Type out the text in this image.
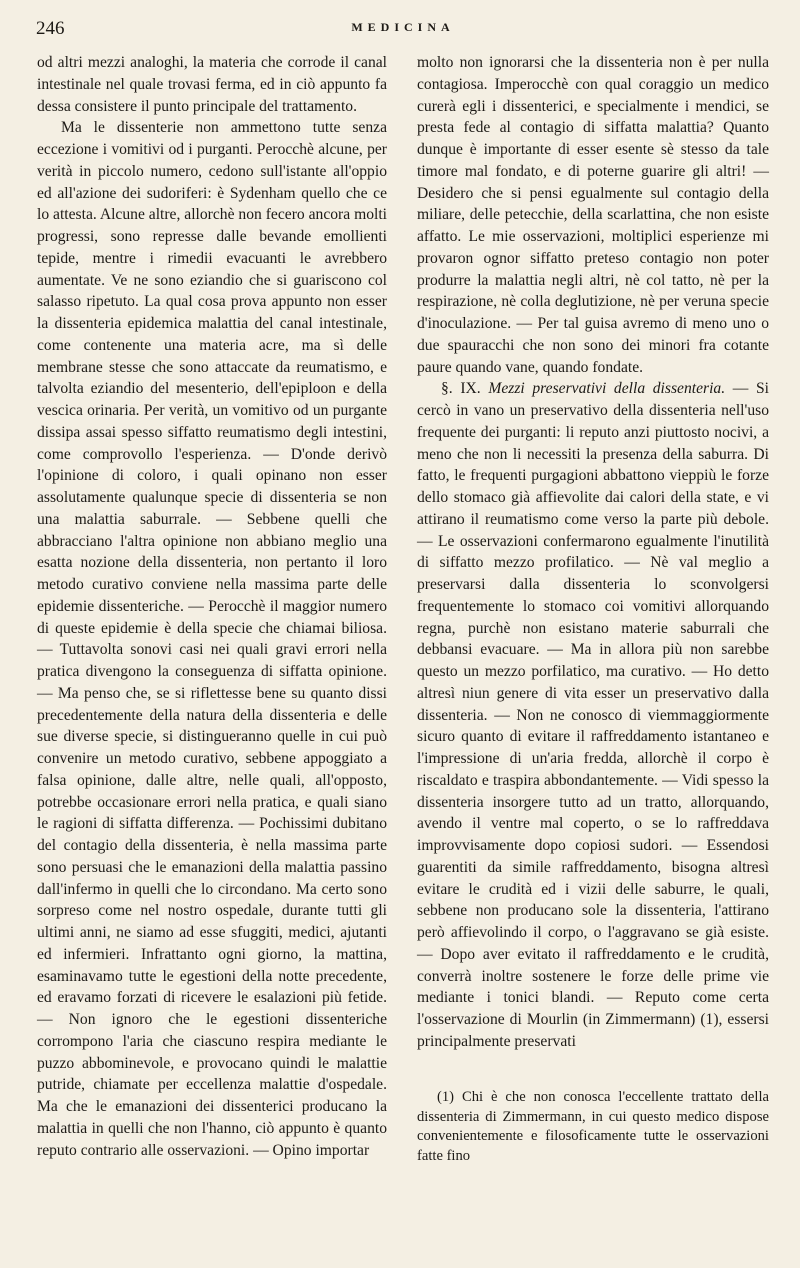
246	MEDICINA

od altri mezzi analoghi, la materia che corrode il canal intestinale nel quale trovasi ferma, ed in ciò appunto fa dessa consistere il punto principale del trattamento.

Ma le dissenterie non ammettono tutte senza eccezione i vomitivi od i purganti. Perocchè alcune, per verità in piccolo numero, cedono sull'istante all'oppio ed all'azione dei sudoriferi: è Sydenham quello che ce lo attesta. Alcune altre, allorchè non fecero ancora molti progressi, sono represse dalle bevande emollienti tepide, mentre i rimedii evacuanti le avrebbero aumentate. Ve ne sono eziandio che si guariscono col salasso ripetuto. La qual cosa prova appunto non esser la dissenteria epidemica malattia del canal intestinale, come contenente una materia acre, ma sì delle membrane stesse che sono attaccate da reumatismo, e talvolta eziandio del mesenterio, dell'epiploon e della vescica orinaria. Per verità, un vomitivo od un purgante dissipa assai spesso siffatto reumatismo degli intestini, come comprovollo l'esperienza. — D'onde derivò l'opinione di coloro, i quali opinano non esser assolutamente qualunque specie di dissenteria se non una malattia saburrale. — Sebbene quelli che abbracciano l'altra opinione non abbiano meglio una esatta nozione della dissenteria, non pertanto il loro metodo curativo conviene nella massima parte delle epidemie dissenteriche. — Perocchè il maggior numero di queste epidemie è della specie che chiamai biliosa. — Tuttavolta sonovi casi nei quali gravi errori nella pratica divengono la conseguenza di siffatta opinione. — Ma penso che, se si riflettesse bene su quanto dissi precedentemente della natura della dissenteria e delle sue diverse specie, si distingueranno quelle in cui può convenire un metodo curativo, sebbene appoggiato a falsa opinione, dalle altre, nelle quali, all'opposto, potrebbe occasionare errori nella pratica, e quali siano le ragioni di siffatta differenza. — Pochissimi dubitano del contagio della dissenteria, è nella massima parte sono persuasi che le emanazioni della malattia passino dall'infermo in quelli che lo circondano. Ma certo sono sorpreso come nel nostro ospedale, durante tutti gli ultimi anni, ne siamo ad esse sfuggiti, medici, ajutanti ed infermieri. Infrattanto ogni giorno, la mattina, esaminavamo tutte le egestioni della notte precedente, ed eravamo forzati di ricevere le esalazioni più fetide. — Non ignoro che le egestioni dissenteriche corrompono l'aria che ciascuno respira mediante le puzzo abbominevole, e provocano quindi le malattie putride, chiamate per eccellenza malattie d'ospedale. Ma che le emanazioni dei dissenterici producano la malattia in quelli che non l'hanno, ciò appunto è quanto reputo contrario alle osservazioni. — Opino importar

molto non ignorarsi che la dissenteria non è per nulla contagiosa. Imperocchè con qual coraggio un medico curerà egli i dissenterici, e specialmente i mendici, se presta fede al contagio di siffatta malattia? Quanto dunque è importante di esser esente sè stesso da tale timore mal fondato, e di poterne guarire gli altri! — Desidero che si pensi egualmente sul contagio della miliare, delle petecchie, della scarlattina, che non esiste affatto. Le mie osservazioni, moltiplici esperienze mi provaron ognor siffatto preteso contagio non poter produrre la malattia negli altri, nè col tatto, nè per la respirazione, nè colla deglutizione, nè per veruna specie d'inoculazione. — Per tal guisa avremo di meno uno o due spauracchi che non sono dei minori fra cotante paure quando vane, quando fondate.

§. IX. Mezzi preservativi della dissenteria. — Si cercò in vano un preservativo della dissenteria nell'uso frequente dei purganti: li reputo anzi piuttosto nocivi, a meno che non li necessiti la presenza della saburra. Di fatto, le frequenti purgagioni abbattono vieppiù le forze dello stomaco già affievolite dai calori della state, e vi attirano il reumatismo come verso la parte più debole. — Le osservazioni confermarono egualmente l'inutilità di siffatto mezzo profilatico. — Nè val meglio a preservarsi dalla dissenteria lo sconvolgersi frequentemente lo stomaco coi vomitivi allorquando regna, purchè non esistano materie saburrali che debbansi evacuare. — Ma in allora più non sarebbe questo un mezzo porfilatico, ma curativo. — Ho detto altresì niun genere di vita esser un preservativo dalla dissenteria. — Non ne conosco di viemmaggiormente sicuro quanto di evitare il raffreddamento istantaneo e l'impressione di un'aria fredda, allorchè il corpo è riscaldato e traspira abbondantemente. — Vidi spesso la dissenteria insorgere tutto ad un tratto, allorquando, avendo il ventre mal coperto, o se lo raffreddava improvvisamente dopo copiosi sudori. — Essendosi guarentiti da simile raffreddamento, bisogna altresì evitare le crudità ed i vizii delle saburre, le quali, sebbene non producano sole la dissenteria, l'attirano però affievolindo il corpo, o l'aggravano se già esiste. — Dopo aver evitato il raffreddamento e le crudità, converrà inoltre sostenere le forze delle prime vie mediante i tonici blandi. — Reputo come certa l'osservazione di Mourlin (in Zimmermann) (1), essersi principalmente preservati

(1) Chi è che non conosca l'eccellente trattato della dissenteria di Zimmermann, in cui questo medico dispose convenientemente e filosoficamente tutte le osservazioni fatte fino
